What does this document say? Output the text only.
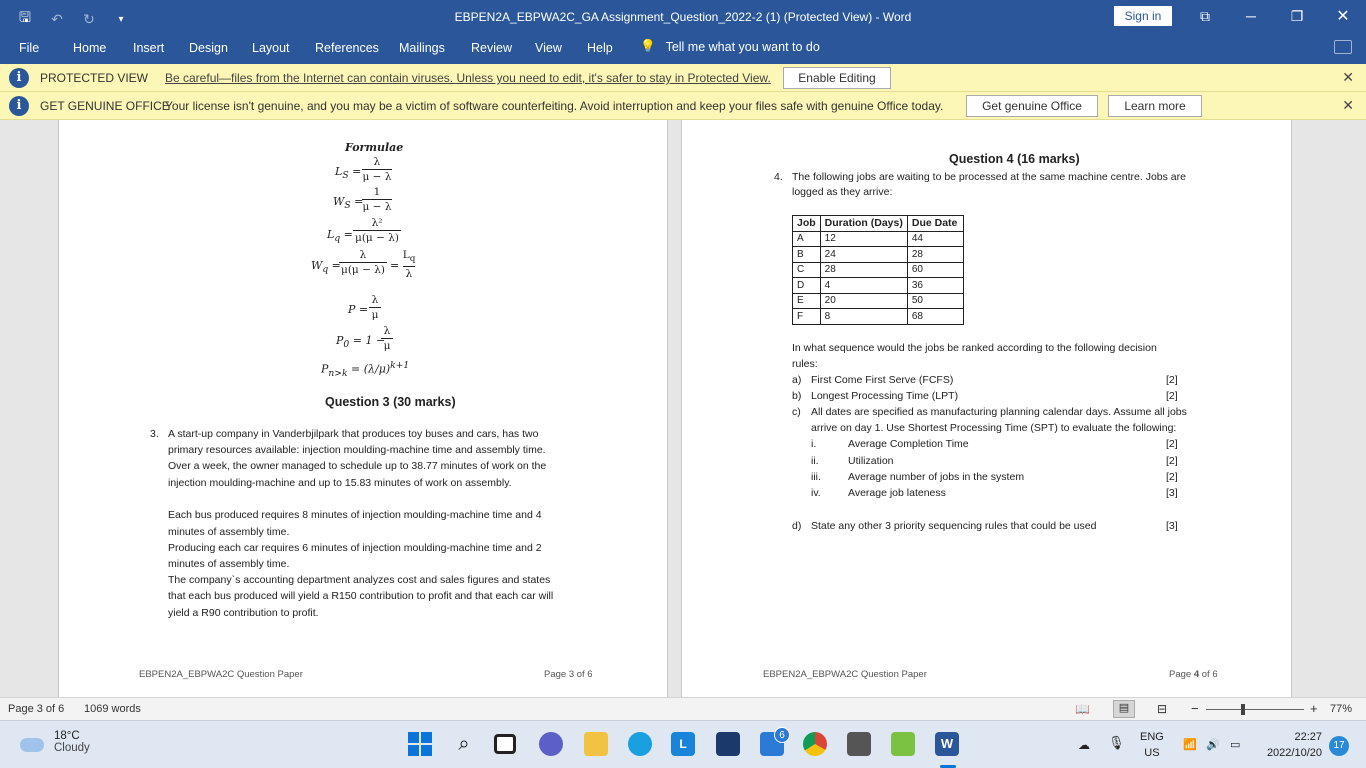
🖫 ↶ ↻	▾	EBPEN2A_EBPWA2C_GA Assignment_Question_2022-2 (1) (Protected View) - Word	Sign in	⧉	─	❐	✕
File	Home Insert Design Layout References Mailings Review View Help 💡 Tell me what you want to do
i	PROTECTED VIEW Be careful—files from the Internet can contain viruses. Unless you need to edit, it's safer to stay in Protected View.	Enable Editing	✕
i	GET GENUINE OFFICE
Your license isn't genuine, and you may be a victim of software counterfeiting. Avoid interruption and keep your files safe with genuine Office today.	Get genuine Office	Learn more	✕
Formulae
$L_S$ =
λ
μ − λ
$W_S$ =
1
μ − λ
$L_q$ =
λ²
μ(μ − λ)
$W_q$ =
λ
μ(μ − λ) =
$L_q$
λ
P =
λ
μ
$P_0 = 1$ −
λ
μ
$P_{n>k} = (\lambda/\mu)^{k+1}$
Question 3 (30 marks)
3. A start-up company in Vanderbjilpark that produces toy buses and cars, has two
primary resources available: injection moulding-machine time and assembly time.
Over a week, the owner managed to schedule up to 38.77 minutes of work on the
injection moulding-machine and up to 15.83 minutes of work on assembly.
Each bus produced requires 8 minutes of injection moulding-machine time and 4
minutes of assembly time.
Producing each car requires 6 minutes of injection moulding-machine time and 2
minutes of assembly time.
The company`s accounting department analyzes cost and sales figures and states
that each bus produced will yield a R150 contribution to profit and that each car will
yield a R90 contribution to profit.
EBPEN2A_EBPWA2C Question Paper	Page 3 of 6
Question 4 (16 marks)
4. The following jobs are waiting to be processed at the same machine centre. Jobs are
logged as they arrive:
Job	Duration (Days)	Due Date
A	12	44
B	24	28
C	28	60
D	4	36
E	20	50
F	8	68
In what sequence would the jobs be ranked according to the following decision
rules:
a) First Come First Serve (FCFS)	[2]
b) Longest Processing Time (LPT)	[2]
c) All dates are specified as manufacturing planning calendar days. Assume all jobs
arrive on day 1. Use Shortest Processing Time (SPT) to evaluate the following:
i.	Average Completion Time	[2]
ii.	Utilization	[2]
iii.	Average number of jobs in the system	[2]
iv.	Average job lateness	[3]
d) State any other 3 priority sequencing rules that could be used	[3]
EBPEN2A_EBPWA2C Question Paper	Page 4 of 6
Page 3 of 6 1069 words	📖	▤	⊟	−	+ 77%
18°C
Cloudy	⌕	L
6
W	☁ 🎙 ENG
US
📶 🔊 ▭
22:27
2022/10/20
17
